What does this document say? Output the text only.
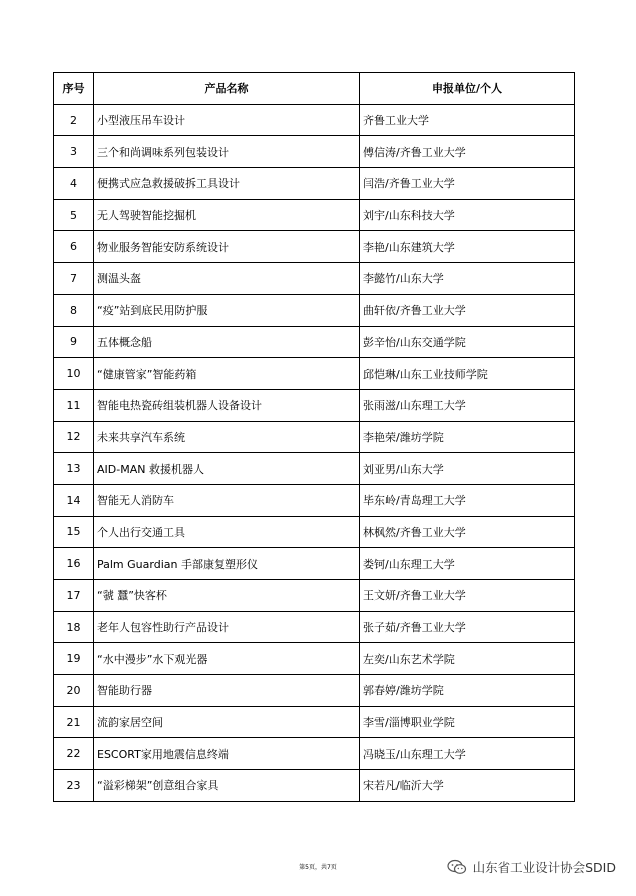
序号	产品名称	申报单位/个人
2	小型液压吊车设计	齐鲁工业大学
3	三个和尚调味系列包装设计	傅信涛/齐鲁工业大学
4	便携式应急救援破拆工具设计	闫浩/齐鲁工业大学
5	无人驾驶智能挖掘机	刘宇/山东科技大学
6	物业服务智能安防系统设计	李艳/山东建筑大学
7	测温头盔	李懿竹/山东大学
8	“疫”站到底民用防护服	曲轩依/齐鲁工业大学
9	五体概念船	彭辛怡/山东交通学院
10	“健康管家”智能药箱	邱恺琳/山东工业技师学院
11	智能电热瓷砖组装机器人设备设计	张雨滋/山东理工大学
12	未来共享汽车系统	李艳荣/潍坊学院
13	AID-MAN 救援机器人	刘亚男/山东大学
14	智能无人消防车	毕东岭/青岛理工大学
15	个人出行交通工具	林枫然/齐鲁工业大学
16	Palm Guardian 手部康复塑形仪	娄钶/山东理工大学
17	“虢 蠶”快客杯	王文妍/齐鲁工业大学
18	老年人包容性助行产品设计	张子茹/齐鲁工业大学
19	“水中漫步”水下观光器	左奕/山东艺术学院
20	智能助行器	郭春婷/潍坊学院
21	流韵家居空间	李雪/淄博职业学院
22	ESCORT家用地震信息终端	冯晓玉/山东理工大学
23	“溢彩梯架”创意组合家具	宋若凡/临沂大学
第5页，共7页	山东省工业设计协会SDID
